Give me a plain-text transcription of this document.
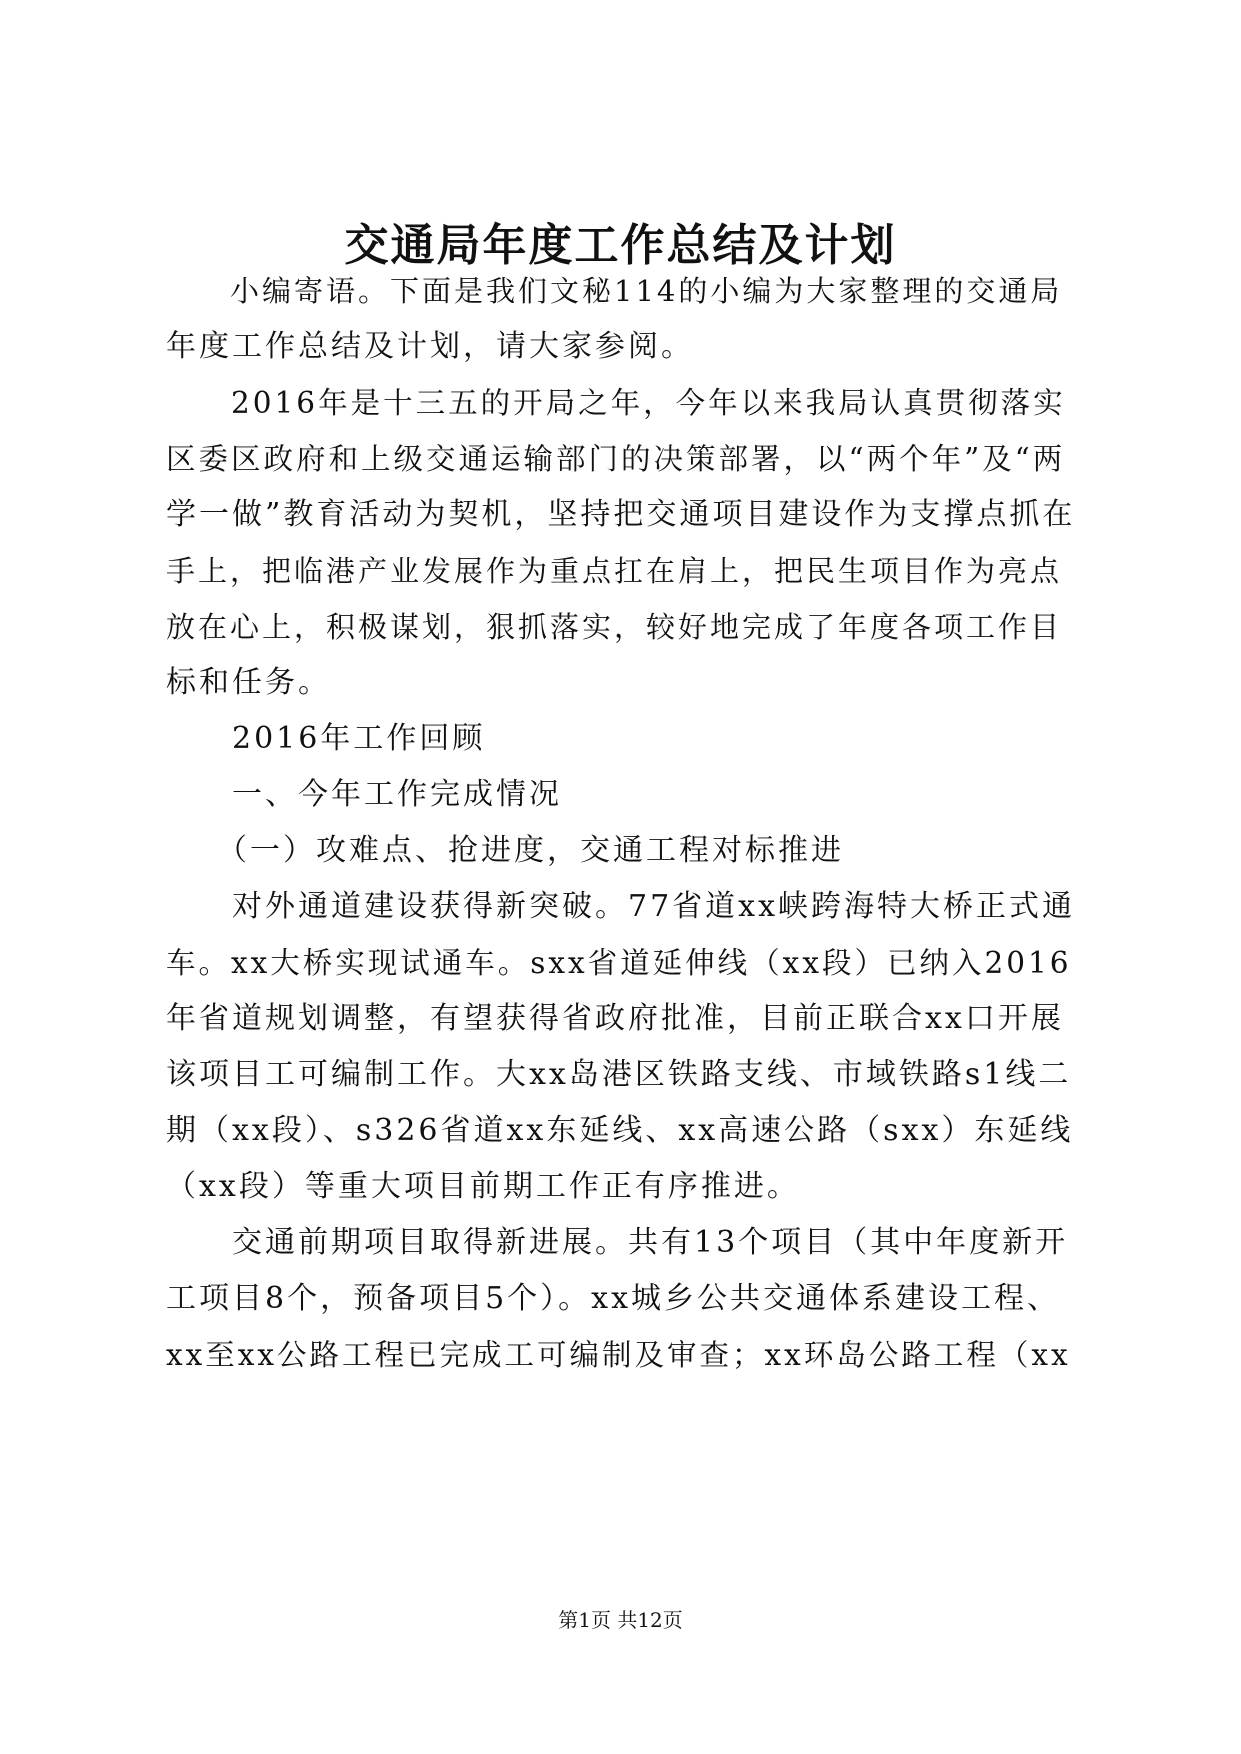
交通局年度工作总结及计划
　　小编寄语。下面是我们文秘114的小编为大家整理的交通局
年度工作总结及计划，请大家参阅。
　　2016年是十三五的开局之年，今年以来我局认真贯彻落实
区委区政府和上级交通运输部门的决策部署，以“两个年”及“两
学一做”教育活动为契机，坚持把交通项目建设作为支撑点抓在
手上，把临港产业发展作为重点扛在肩上，把民生项目作为亮点
放在心上，积极谋划，狠抓落实，较好地完成了年度各项工作目
标和任务。
　　2016年工作回顾
　　一、今年工作完成情况
　　（一）攻难点、抢进度，交通工程对标推进
　　对外通道建设获得新突破。77省道xx峡跨海特大桥正式通
车。xx大桥实现试通车。sxx省道延伸线（xx段）已纳入2016
年省道规划调整，有望获得省政府批准，目前正联合xx口开展
该项目工可编制工作。大xx岛港区铁路支线、市域铁路s1线二
期（xx段）、s326省道xx东延线、xx高速公路（sxx）东延线
（xx段）等重大项目前期工作正有序推进。
　　交通前期项目取得新进展。共有13个项目（其中年度新开
工项目8个，预备项目5个）。xx城乡公共交通体系建设工程、
xx至xx公路工程已完成工可编制及审查；xx环岛公路工程（xx
第1页 共12页
